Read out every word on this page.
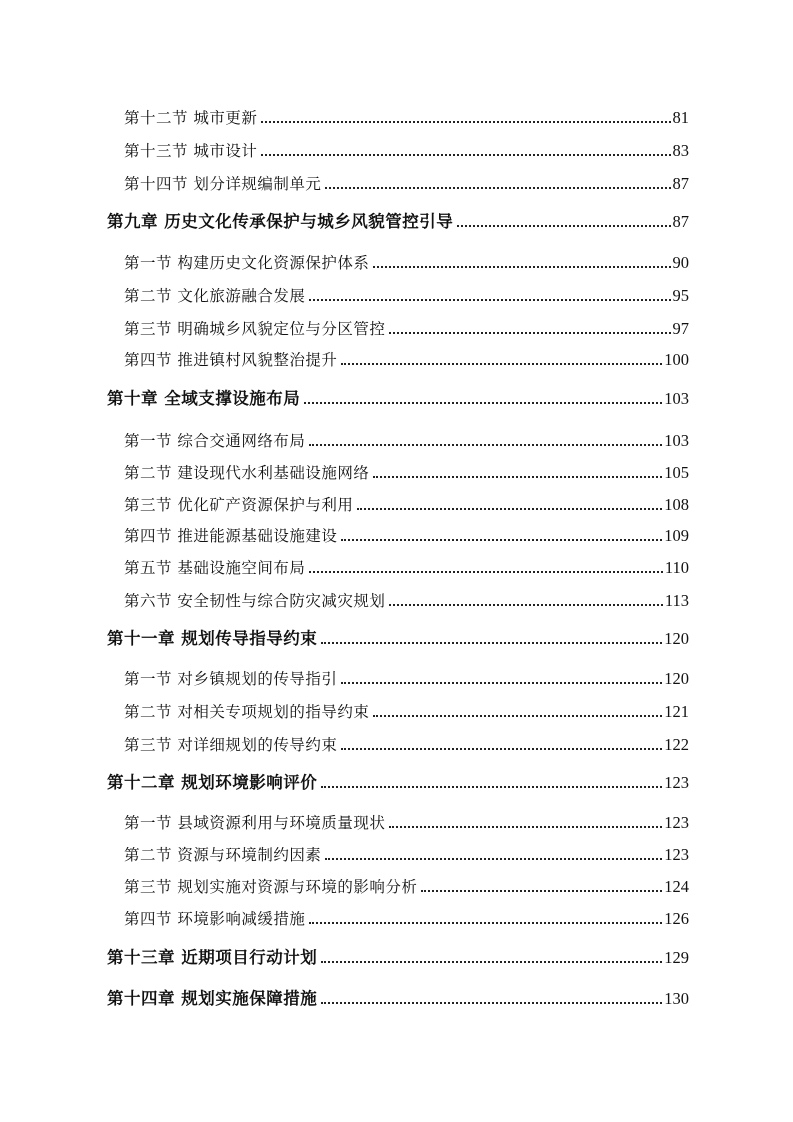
第十二节 城市更新	81
第十三节 城市设计	83
第十四节 划分详规编制单元	87
第九章 历史文化传承保护与城乡风貌管控引导	87
第一节 构建历史文化资源保护体系	90
第二节 文化旅游融合发展	95
第三节 明确城乡风貌定位与分区管控	97
第四节 推进镇村风貌整治提升	100
第十章 全域支撑设施布局	103
第一节 综合交通网络布局	103
第二节 建设现代水利基础设施网络	105
第三节 优化矿产资源保护与利用	108
第四节 推进能源基础设施建设	109
第五节 基础设施空间布局	110
第六节 安全韧性与综合防灾减灾规划	113
第十一章 规划传导指导约束	120
第一节 对乡镇规划的传导指引	120
第二节 对相关专项规划的指导约束	121
第三节 对详细规划的传导约束	122
第十二章 规划环境影响评价	123
第一节 县域资源利用与环境质量现状	123
第二节 资源与环境制约因素	123
第三节 规划实施对资源与环境的影响分析	124
第四节 环境影响减缓措施	126
第十三章 近期项目行动计划	129
第十四章 规划实施保障措施	130
